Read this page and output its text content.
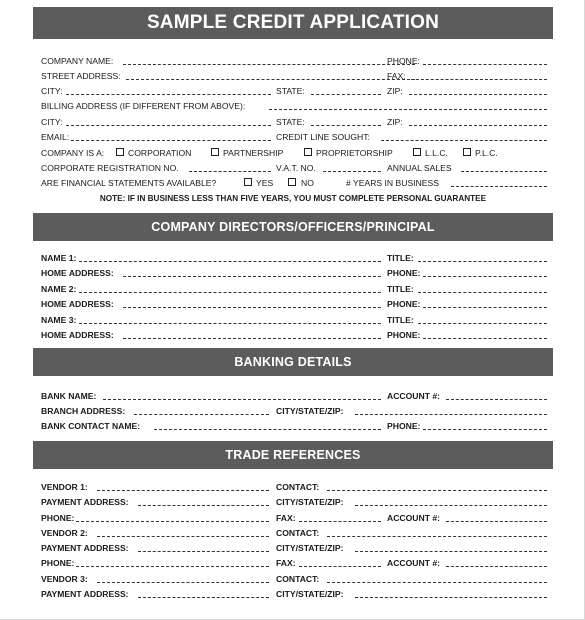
SAMPLE CREDIT APPLICATION
COMPANY NAME:	PHONE:
STREET ADDRESS:	FAX:
CITY:	STATE:	ZIP:
BILLING ADDRESS (IF DIFFERENT FROM ABOVE):
CITY:	STATE:	ZIP:
EMAIL:	CREDIT LINE SOUGHT:
COMPANY IS A:	CORPORATION	PARTNERSHIP	PROPRIETORSHIP	L.L.C.	P.L.C.
CORPORATE REGISTRATION NO.	V.A.T. NO.	ANNUAL SALES
ARE FINANCIAL STATEMENTS AVAILABLE?	YES	NO	# YEARS IN BUSINESS
NOTE: IF IN BUSINESS LESS THAN FIVE YEARS, YOU MUST COMPLETE PERSONAL GUARANTEE
COMPANY DIRECTORS/OFFICERS/PRINCIPAL
NAME 1:	TITLE:
HOME ADDRESS:	PHONE:
NAME 2:	TITLE:
HOME ADDRESS:	PHONE:
NAME 3:	TITLE:
HOME ADDRESS:	PHONE:
BANKING DETAILS
BANK NAME:	ACCOUNT #:
BRANCH ADDRESS:	CITY/STATE/ZIP:
BANK CONTACT NAME:	PHONE:
TRADE REFERENCES
VENDOR 1:	CONTACT:
PAYMENT ADDRESS:	CITY/STATE/ZIP:
PHONE:	FAX:	ACCOUNT #:
VENDOR 2:	CONTACT:
PAYMENT ADDRESS:	CITY/STATE/ZIP:
PHONE:	FAX:	ACCOUNT #:
VENDOR 3:	CONTACT:
PAYMENT ADDRESS:	CITY/STATE/ZIP:
